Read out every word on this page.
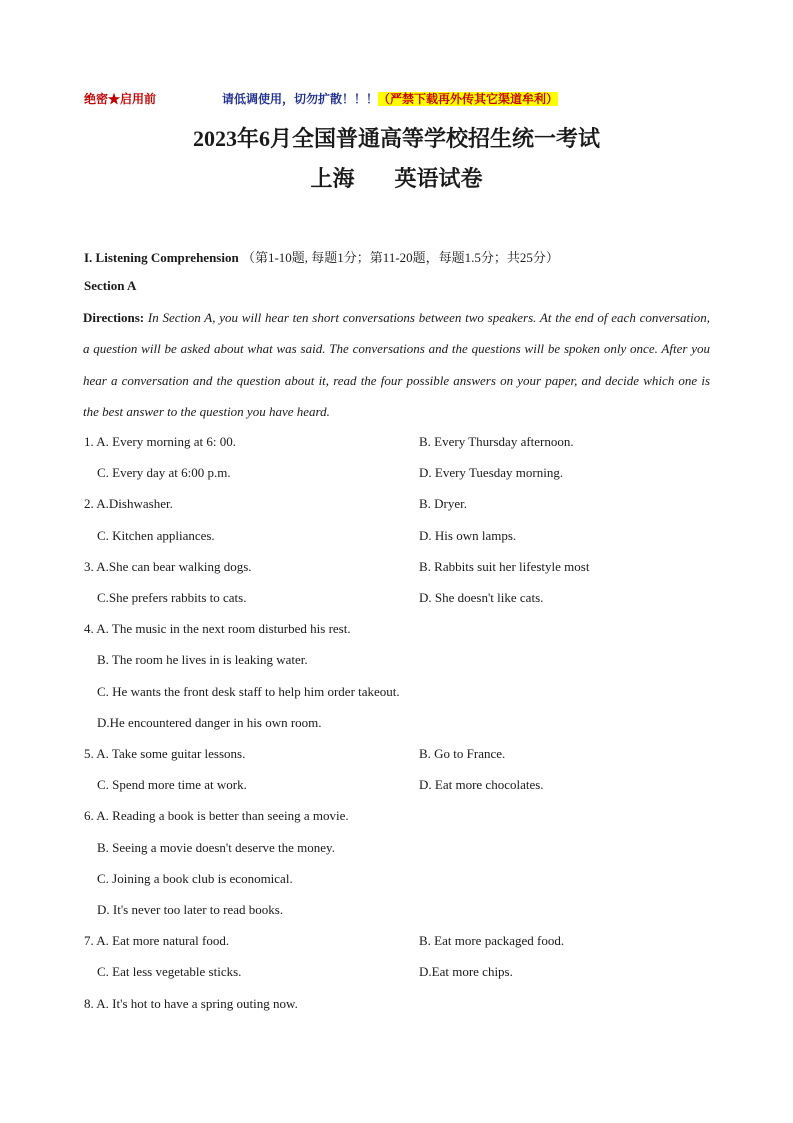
绝密★启用前	请低调使用，切勿扩散！！！（严禁下载再外传其它渠道牟利）
2023年6月全国普通高等学校招生统一考试
上海 英语试卷
I. Listening Comprehension （第1-10题, 每题1分；第11-20题，每题1.5分；共25分）
Section A
Directions: In Section A, you will hear ten short conversations between two speakers. At the end of each conversation, a question will be asked about what was said. The conversations and the questions will be spoken only once. After you hear a conversation and the question about it, read the four possible answers on your paper, and decide which one is the best answer to the question you have heard.
1. A. Every morning at 6: 00.	B. Every Thursday afternoon.
C. Every day at 6:00 p.m.	D. Every Tuesday morning.
2. A.Dishwasher.	B. Dryer.
C. Kitchen appliances.	D. His own lamps.
3. A.She can bear walking dogs.	B. Rabbits suit her lifestyle most
C.She prefers rabbits to cats.	D. She doesn't like cats.
4. A. The music in the next room disturbed his rest.
B. The room he lives in is leaking water.
C. He wants the front desk staff to help him order takeout.
D.He encountered danger in his own room.
5. A. Take some guitar lessons.	B. Go to France.
C. Spend more time at work.	D. Eat more chocolates.
6. A. Reading a book is better than seeing a movie.
B. Seeing a movie doesn't deserve the money.
C. Joining a book club is economical.
D. It's never too later to read books.
7. A. Eat more natural food.	B. Eat more packaged food.
C. Eat less vegetable sticks.	D.Eat more chips.
8. A. It's hot to have a spring outing now.
